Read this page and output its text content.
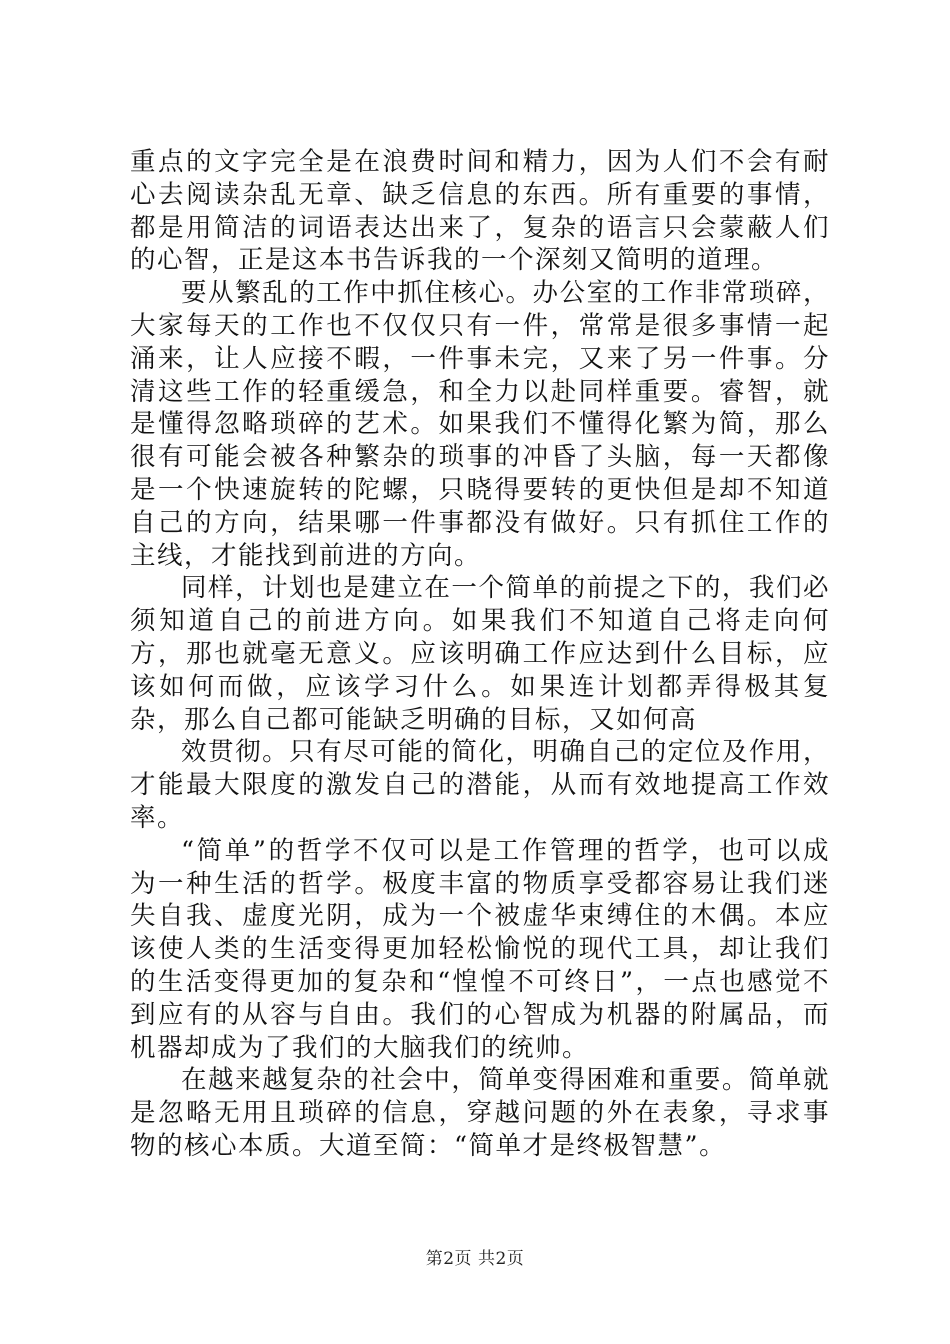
重点的文字完全是在浪费时间和精力，因为人们不会有耐心去阅读杂乱无章、缺乏信息的东西。所有重要的事情，都是用简洁的词语表达出来了，复杂的语言只会蒙蔽人们的心智，正是这本书告诉我的一个深刻又简明的道理。

要从繁乱的工作中抓住核心。办公室的工作非常琐碎，大家每天的工作也不仅仅只有一件，常常是很多事情一起涌来，让人应接不暇，一件事未完，又来了另一件事。分清这些工作的轻重缓急，和全力以赴同样重要。睿智，就是懂得忽略琐碎的艺术。如果我们不懂得化繁为简，那么很有可能会被各种繁杂的琐事的冲昏了头脑，每一天都像是一个快速旋转的陀螺，只晓得要转的更快但是却不知道自己的方向，结果哪一件事都没有做好。只有抓住工作的主线，才能找到前进的方向。

同样，计划也是建立在一个简单的前提之下的，我们必须知道自己的前进方向。如果我们不知道自己将走向何方，那也就毫无意义。应该明确工作应达到什么目标，应该如何而做，应该学习什么。如果连计划都弄得极其复杂，那么自己都可能缺乏明确的目标，又如何高

效贯彻。只有尽可能的简化，明确自己的定位及作用，才能最大限度的激发自己的潜能，从而有效地提高工作效率。

“简单”的哲学不仅可以是工作管理的哲学，也可以成为一种生活的哲学。极度丰富的物质享受都容易让我们迷失自我、虚度光阴，成为一个被虚华束缚住的木偶。本应该使人类的生活变得更加轻松愉悦的现代工具，却让我们的生活变得更加的复杂和“惶惶不可终日”，一点也感觉不到应有的从容与自由。我们的心智成为机器的附属品，而机器却成为了我们的大脑我们的统帅。

在越来越复杂的社会中，简单变得困难和重要。简单就是忽略无用且琐碎的信息，穿越问题的外在表象，寻求事物的核心本质。大道至简：“简单才是终极智慧”。

第2页 共2页
